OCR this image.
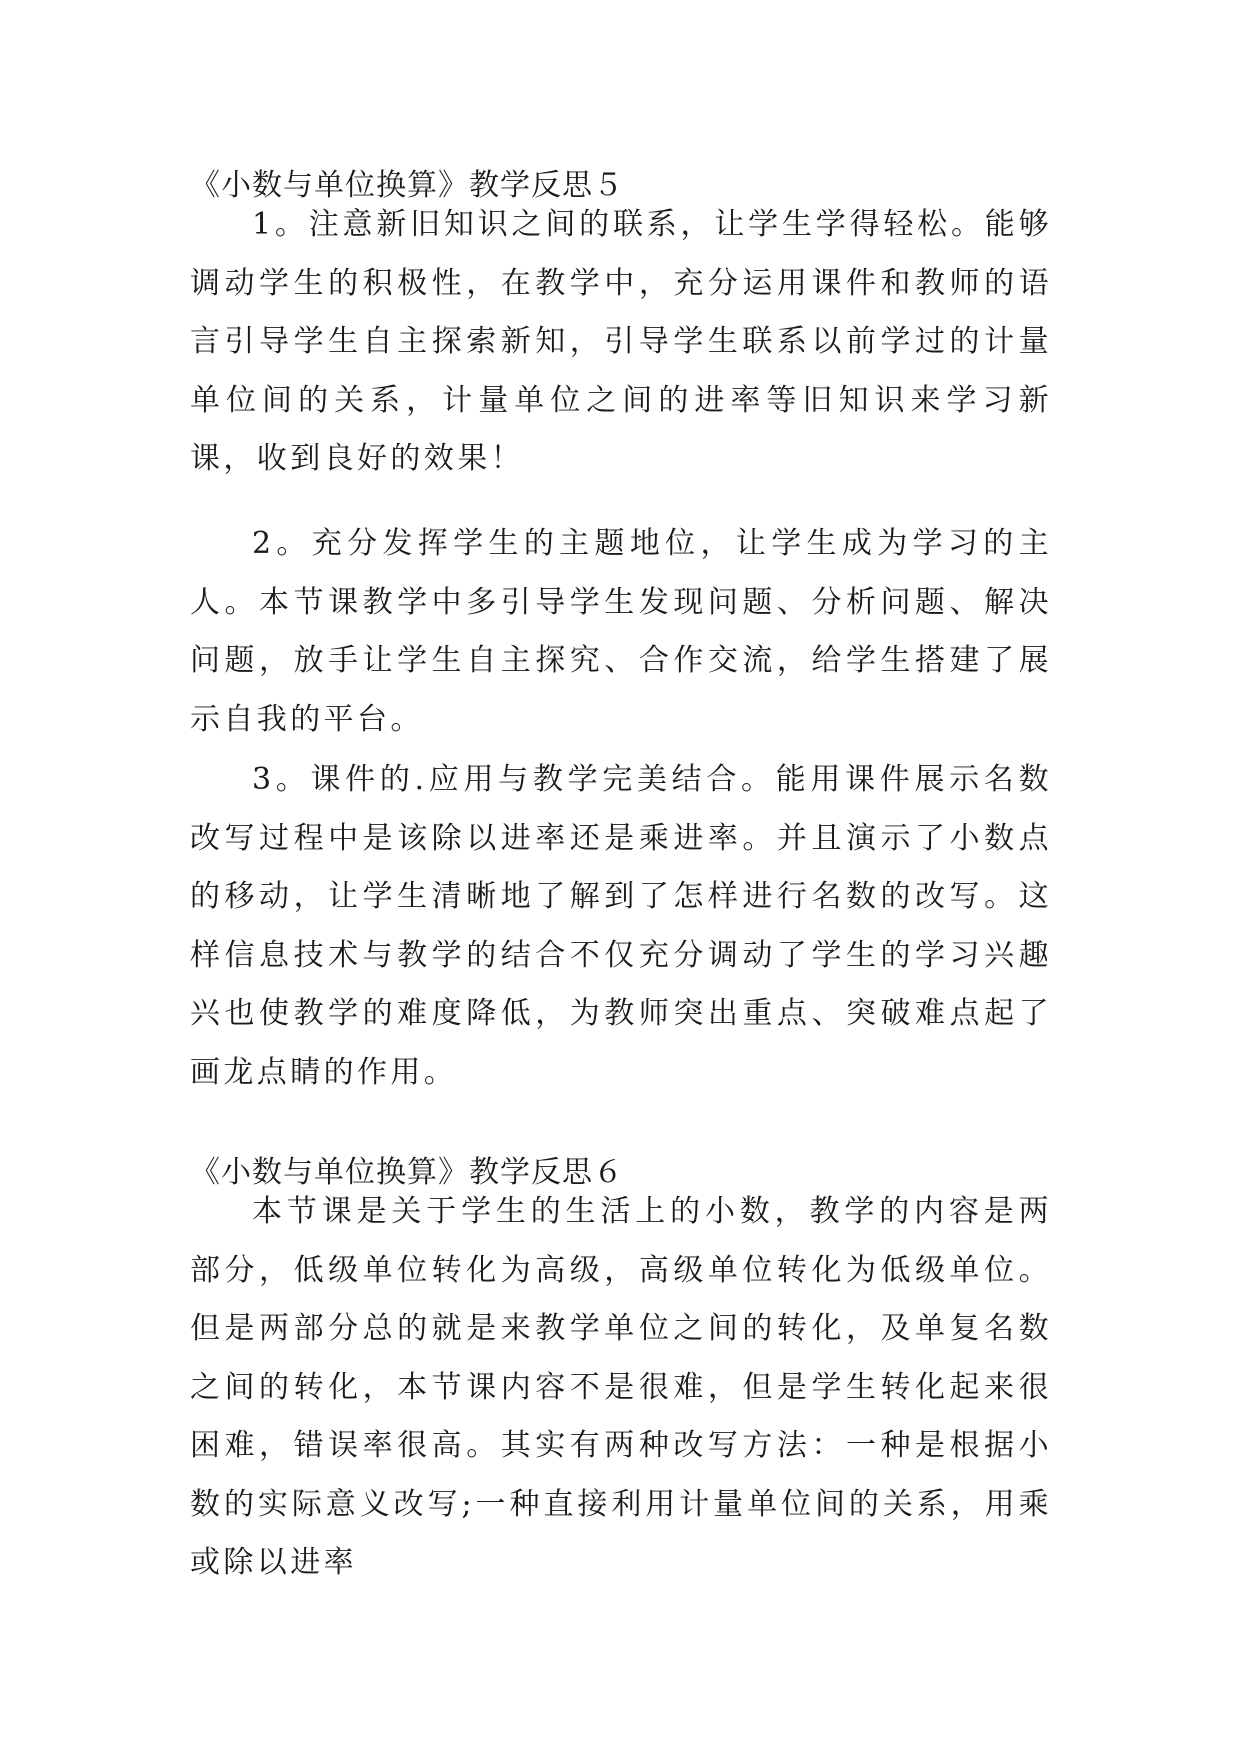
《小数与单位换算》教学反思５

1。注意新旧知识之间的联系，让学生学得轻松。能够调动学生的积极性，在教学中，充分运用课件和教师的语言引导学生自主探索新知，引导学生联系以前学过的计量单位间的关系，计量单位之间的进率等旧知识来学习新课，收到良好的效果！

2。充分发挥学生的主题地位，让学生成为学习的主人。本节课教学中多引导学生发现问题、分析问题、解决问题，放手让学生自主探究、合作交流，给学生搭建了展示自我的平台。

3。课件的.应用与教学完美结合。能用课件展示名数改写过程中是该除以进率还是乘进率。并且演示了小数点的移动，让学生清晰地了解到了怎样进行名数的改写。这样信息技术与教学的结合不仅充分调动了学生的学习兴趣兴也使教学的难度降低，为教师突出重点、突破难点起了画龙点睛的作用。

《小数与单位换算》教学反思６

本节课是关于学生的生活上的小数，教学的内容是两部分，低级单位转化为高级，高级单位转化为低级单位。但是两部分总的就是来教学单位之间的转化，及单复名数之间的转化，本节课内容不是很难，但是学生转化起来很困难，错误率很高。其实有两种改写方法：一种是根据小数的实际意义改写;一种直接利用计量单位间的关系，用乘或除以进率
